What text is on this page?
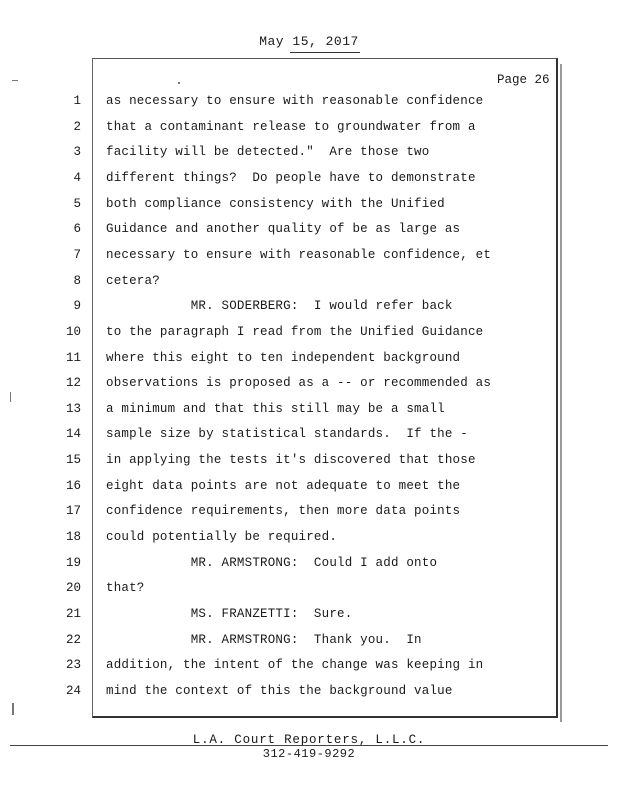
May 15, 2017
Page 26
1 as necessary to ensure with reasonable confidence
2 that a contaminant release to groundwater from a
3 facility will be detected."  Are those two
4 different things?  Do people have to demonstrate
5 both compliance consistency with the Unified
6 Guidance and another quality of be as large as
7 necessary to ensure with reasonable confidence, et
8 cetera?
9 MR. SODERBERG:  I would refer back
10 to the paragraph I read from the Unified Guidance
11 where this eight to ten independent background
12 observations is proposed as a -- or recommended as
13 a minimum and that this still may be a small
14 sample size by statistical standards.  If the -
15 in applying the tests it's discovered that those
16 eight data points are not adequate to meet the
17 confidence requirements, then more data points
18 could potentially be required.
19 MR. ARMSTRONG:  Could I add onto
20 that?
21 MS. FRANZETTI:  Sure.
22 MR. ARMSTRONG:  Thank you.  In
23 addition, the intent of the change was keeping in
24 mind the context of this the background value
L.A. Court Reporters, L.L.C.
312-419-9292
